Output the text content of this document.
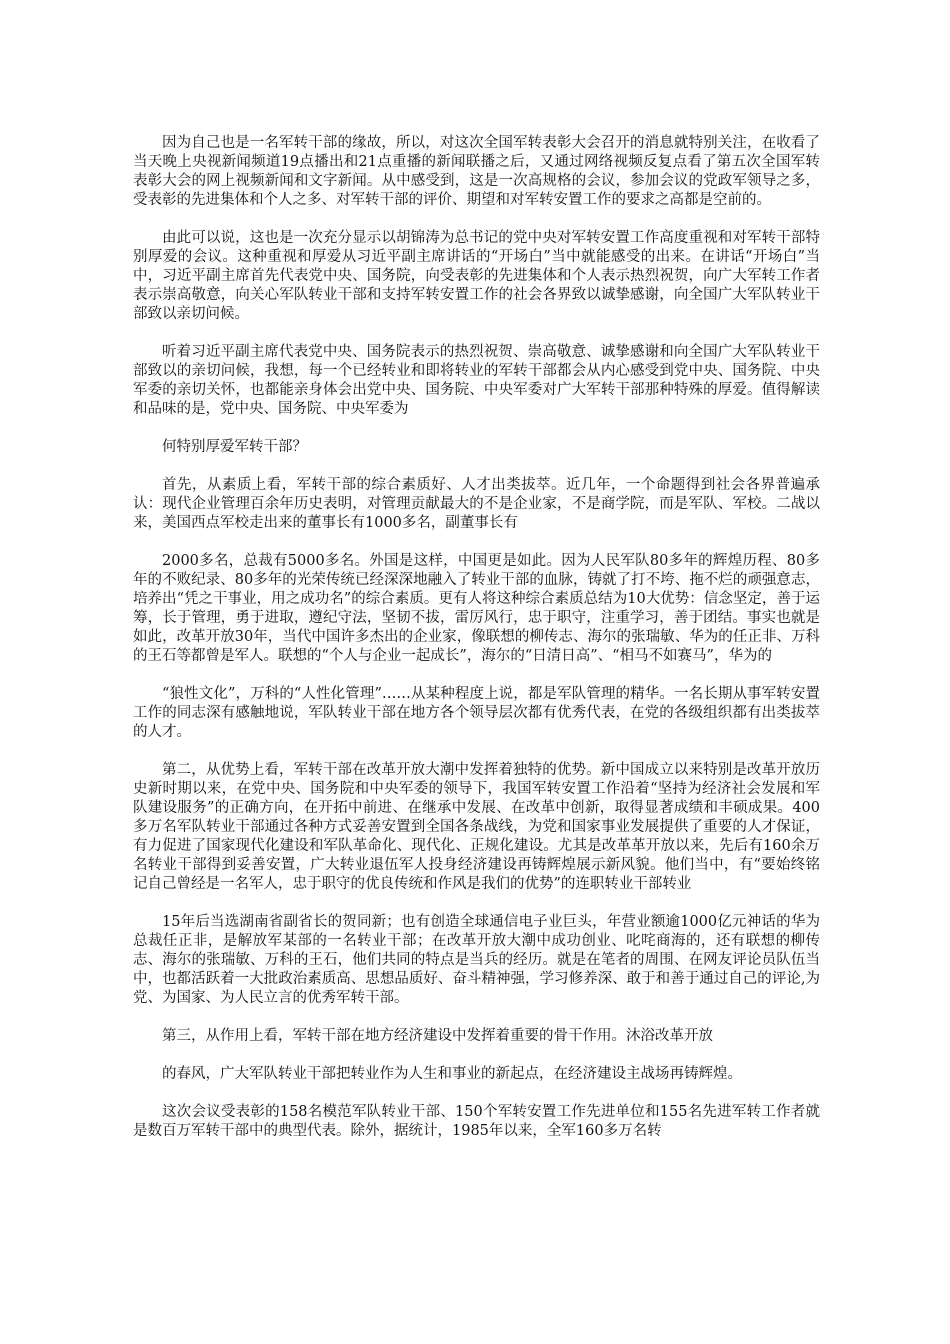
因为自己也是一名军转干部的缘故，所以，对这次全国军转表彰大会召开的消息就特别关注，在收看了当天晚上央视新闻频道19点播出和21点重播的新闻联播之后，又通过网络视频反复点看了第五次全国军转表彰大会的网上视频新闻和文字新闻。从中感受到，这是一次高规格的会议，参加会议的党政军领导之多，受表彰的先进集体和个人之多、对军转干部的评价、期望和对军转安置工作的要求之高都是空前的。

由此可以说，这也是一次充分显示以胡锦涛为总书记的党中央对军转安置工作高度重视和对军转干部特别厚爱的会议。这种重视和厚爱从习近平副主席讲话的“开场白”当中就能感受的出来。在讲话“开场白”当中，习近平副主席首先代表党中央、国务院，向受表彰的先进集体和个人表示热烈祝贺，向广大军转工作者表示崇高敬意，向关心军队转业干部和支持军转安置工作的社会各界致以诚挚感谢，向全国广大军队转业干部致以亲切问候。

听着习近平副主席代表党中央、国务院表示的热烈祝贺、崇高敬意、诚挚感谢和向全国广大军队转业干部致以的亲切问候，我想，每一个已经转业和即将转业的军转干部都会从内心感受到党中央、国务院、中央军委的亲切关怀，也都能亲身体会出党中央、国务院、中央军委对广大军转干部那种特殊的厚爱。值得解读和品味的是，党中央、国务院、中央军委为

何特别厚爱军转干部？

首先，从素质上看，军转干部的综合素质好、人才出类拔萃。近几年，一个命题得到社会各界普遍承认：现代企业管理百余年历史表明，对管理贡献最大的不是企业家，不是商学院，而是军队、军校。二战以来，美国西点军校走出来的董事长有1000多名，副董事长有

2000多名，总裁有5000多名。外国是这样，中国更是如此。因为人民军队80多年的辉煌历程、80多年的不败纪录、80多年的光荣传统已经深深地融入了转业干部的血脉，铸就了打不垮、拖不烂的顽强意志，培养出“凭之干事业，用之成功名”的综合素质。更有人将这种综合素质总结为10大优势：信念坚定，善于运筹，长于管理，勇于进取，遵纪守法，坚韧不拔，雷厉风行，忠于职守，注重学习，善于团结。事实也就是如此，改革开放30年，当代中国许多杰出的企业家，像联想的柳传志、海尔的张瑞敏、华为的任正非、万科的王石等都曾是军人。联想的“个人与企业一起成长”，海尔的“日清日高”、“相马不如赛马”，华为的

“狼性文化”，万科的“人性化管理”……从某种程度上说，都是军队管理的精华。一名长期从事军转安置工作的同志深有感触地说，军队转业干部在地方各个领导层次都有优秀代表，在党的各级组织都有出类拔萃的人才。

第二，从优势上看，军转干部在改革开放大潮中发挥着独特的优势。新中国成立以来特别是改革开放历史新时期以来，在党中央、国务院和中央军委的领导下，我国军转安置工作沿着“坚持为经济社会发展和军队建设服务”的正确方向，在开拓中前进、在继承中发展、在改革中创新，取得显著成绩和丰硕成果。400多万名军队转业干部通过各种方式妥善安置到全国各条战线，为党和国家事业发展提供了重要的人才保证，有力促进了国家现代化建设和军队革命化、现代化、正规化建设。尤其是改革革开放以来，先后有160余万名转业干部得到妥善安置，广大转业退伍军人投身经济建设再铸辉煌展示新风貌。他们当中，有“要始终铭记自己曾经是一名军人，忠于职守的优良传统和作风是我们的优势”的连职转业干部转业

15年后当选湖南省副省长的贺同新；也有创造全球通信电子业巨头，年营业额逾1000亿元神话的华为总裁任正非，是解放军某部的一名转业干部；在改革开放大潮中成功创业、叱咤商海的，还有联想的柳传志、海尔的张瑞敏、万科的王石，他们共同的特点是当兵的经历。就是在笔者的周围、在网友评论员队伍当中，也都活跃着一大批政治素质高、思想品质好、奋斗精神强，学习修养深、敢于和善于通过自己的评论,为党、为国家、为人民立言的优秀军转干部。

第三，从作用上看，军转干部在地方经济建设中发挥着重要的骨干作用。沐浴改革开放

的春风，广大军队转业干部把转业作为人生和事业的新起点，在经济建设主战场再铸辉煌。

这次会议受表彰的158名模范军队转业干部、150个军转安置工作先进单位和155名先进军转工作者就是数百万军转干部中的典型代表。除外，据统计，1985年以来，全军160多万名转
